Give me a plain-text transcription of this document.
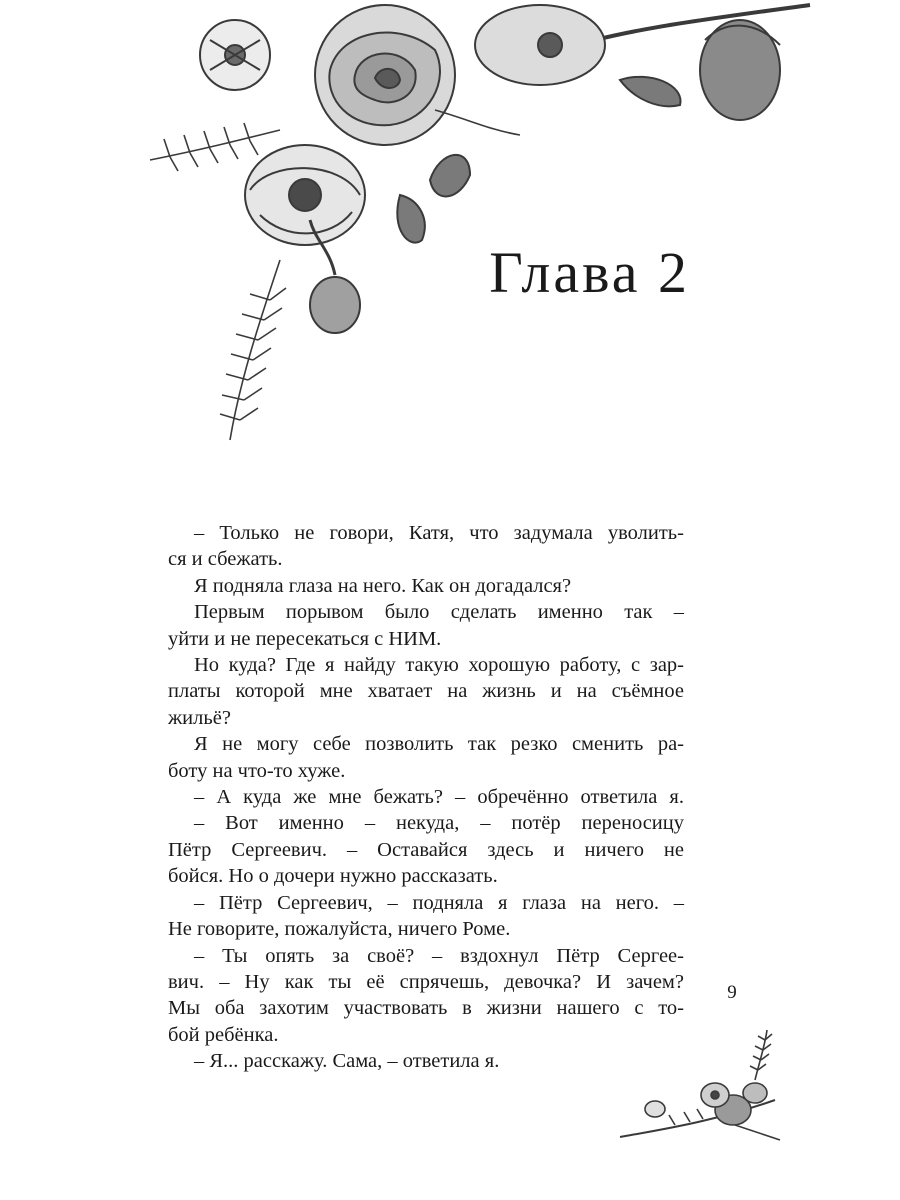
Глава 2
– Только не говори, Катя, что задумала уволить-
ся и сбежать.
Я подняла глаза на него. Как он догадался?
Первым порывом было сделать именно так –
уйти и не пересекаться с НИМ.
Но куда? Где я найду такую хорошую работу, с зар-
платы которой мне хватает на жизнь и на съёмное
жильё?
Я не могу себе позволить так резко сменить ра-
боту на что-то хуже.
– А куда же мне бежать? – обречённо ответила я.
– Вот именно – некуда, – потёр переносицу
Пётр Сергеевич. – Оставайся здесь и ничего не
бойся. Но о дочери нужно рассказать.
– Пётр Сергеевич, – подняла я глаза на него. –
Не говорите, пожалуйста, ничего Роме.
– Ты опять за своё? – вздохнул Пётр Сергее-
вич. – Ну как ты её спрячешь, девочка? И зачем?
Мы оба захотим участвовать в жизни нашего с то-
бой ребёнка.
– Я... расскажу. Сама, – ответила я.
9
